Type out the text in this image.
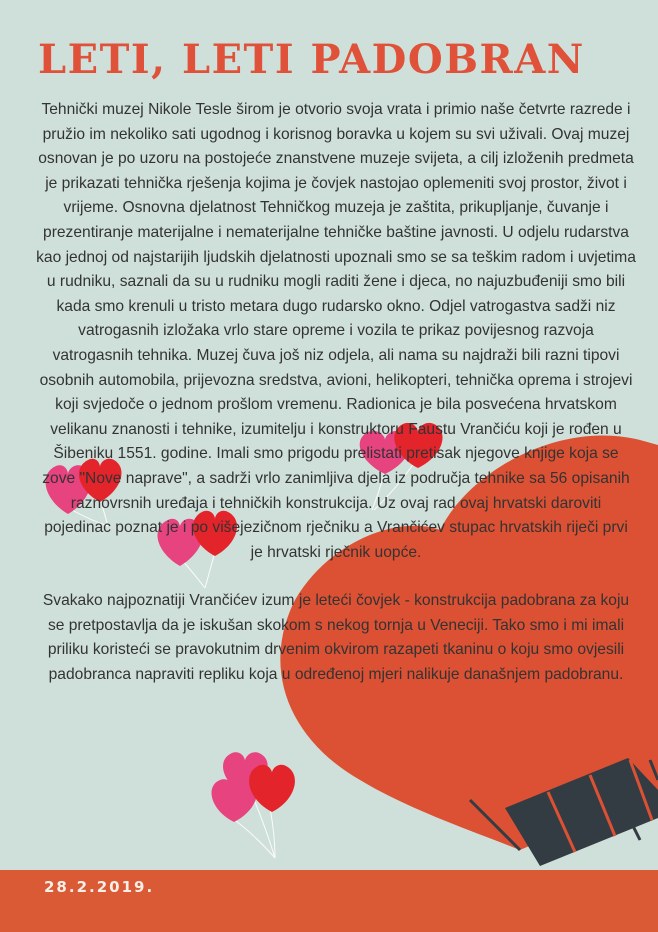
LETI, LETI PADOBRAN

Tehnički muzej Nikole Tesle širom je otvorio svoja vrata i primio naše četvrte razrede i pružio im nekoliko sati ugodnog i korisnog boravka u kojem su svi uživali. Ovaj muzej osnovan je po uzoru na postojeće znanstvene muzeje svijeta, a cilj izloženih predmeta je prikazati tehnička rješenja kojima je čovjek nastojao oplemeniti svoj prostor, život i vrijeme. Osnovna djelatnost Tehničkog muzeja je zaštita, prikupljanje, čuvanje i prezentiranje materijalne i nematerijalne tehničke baštine javnosti. U odjelu rudarstva kao jednoj od najstarijih ljudskih djelatnosti upoznali smo se sa teškim radom i uvjetima u rudniku, saznali da su u rudniku mogli raditi žene i djeca, no najuzbuđeniji smo bili kada smo krenuli u tristo metara dugo rudarsko okno. Odjel vatrogastva sadži niz vatrogasnih izložaka vrlo stare opreme i vozila te prikaz povijesnog razvoja vatrogasnih tehnika. Muzej čuva još niz odjela, ali nama su najdraži bili razni tipovi osobnih automobila, prijevozna sredstva, avioni, helikopteri, tehnička oprema i strojevi koji svjedoče o jednom prošlom vremenu. Radionica je bila posvećena hrvatskom velikanu znanosti i tehnike, izumitelju i konstruktoru Faustu Vrančiću koji je rođen u Šibeniku 1551. godine. Imali smo prigodu prelistati pretisak njegove knjige koja se zove "Nove naprave", a sadrži vrlo zanimljiva djela iz područja tehnike sa 56 opisanih raznovrsnih uređaja i tehničkih konstrukcija. Uz ovaj rad ovaj hrvatski daroviti pojedinac poznat je i po višejezičnom rječniku a Vrančićev stupac hrvatskih riječi prvi je hrvatski rječnik uopće.

Svakako najpoznatiji Vrančićev izum je leteći čovjek - konstrukcija padobrana za koju se pretpostavlja da je iskušan skokom s nekog tornja u Veneciji. Tako smo i mi imali priliku koristeći se pravokutnim drvenim okvirom razapeti tkaninu o koju smo ovjesili padobranca napraviti repliku koja u određenoj mjeri nalikuje današnjem padobranu.

28.2.2019.
